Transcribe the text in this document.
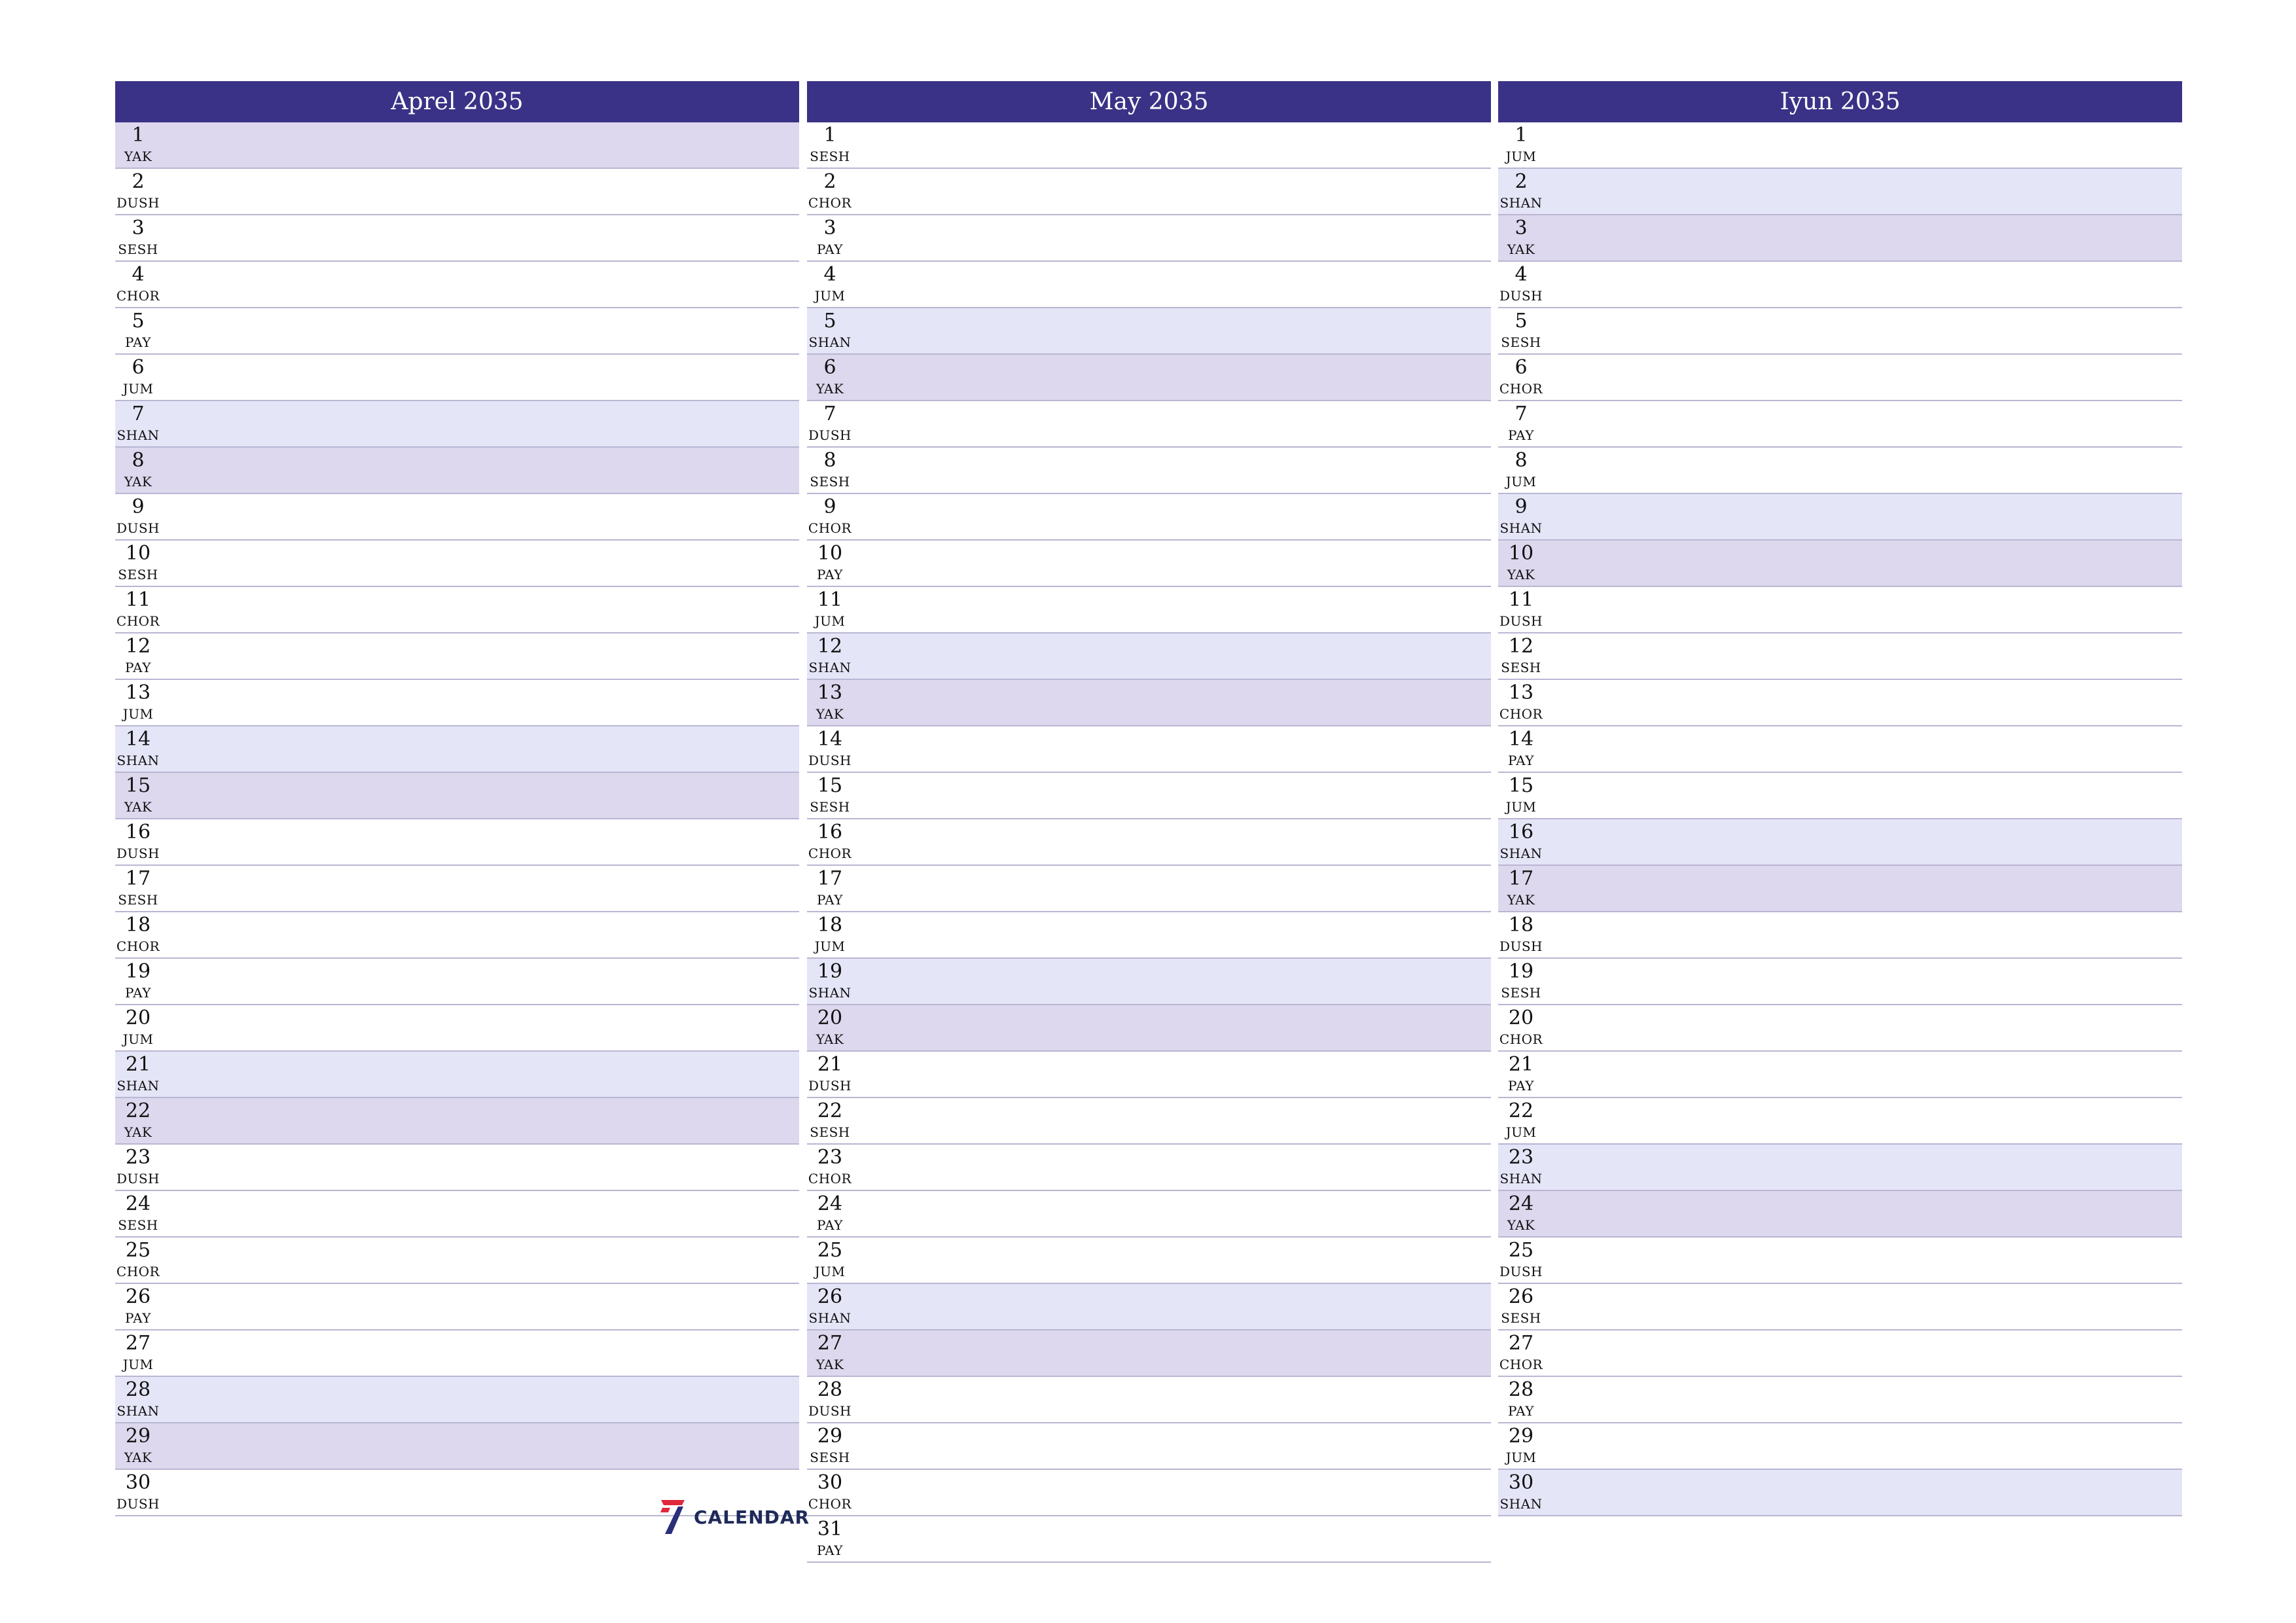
Aprel 2035
1
YAK
2
DUSH
3
SESH
4
CHOR
5
PAY
6
JUM
7
SHAN
8
YAK
9
DUSH
10
SESH
11
CHOR
12
PAY
13
JUM
14
SHAN
15
YAK
16
DUSH
17
SESH
18
CHOR
19
PAY
20
JUM
21
SHAN
22
YAK
23
DUSH
24
SESH
25
CHOR
26
PAY
27
JUM
28
SHAN
29
YAK
30
DUSH
May 2035
1
SESH
2
CHOR
3
PAY
4
JUM
5
SHAN
6
YAK
7
DUSH
8
SESH
9
CHOR
10
PAY
11
JUM
12
SHAN
13
YAK
14
DUSH
15
SESH
16
CHOR
17
PAY
18
JUM
19
SHAN
20
YAK
21
DUSH
22
SESH
23
CHOR
24
PAY
25
JUM
26
SHAN
27
YAK
28
DUSH
29
SESH
30
CHOR
31
PAY
Iyun 2035
1
JUM
2
SHAN
3
YAK
4
DUSH
5
SESH
6
CHOR
7
PAY
8
JUM
9
SHAN
10
YAK
11
DUSH
12
SESH
13
CHOR
14
PAY
15
JUM
16
SHAN
17
YAK
18
DUSH
19
SESH
20
CHOR
21
PAY
22
JUM
23
SHAN
24
YAK
25
DUSH
26
SESH
27
CHOR
28
PAY
29
JUM
30
SHAN
CALENDAR
